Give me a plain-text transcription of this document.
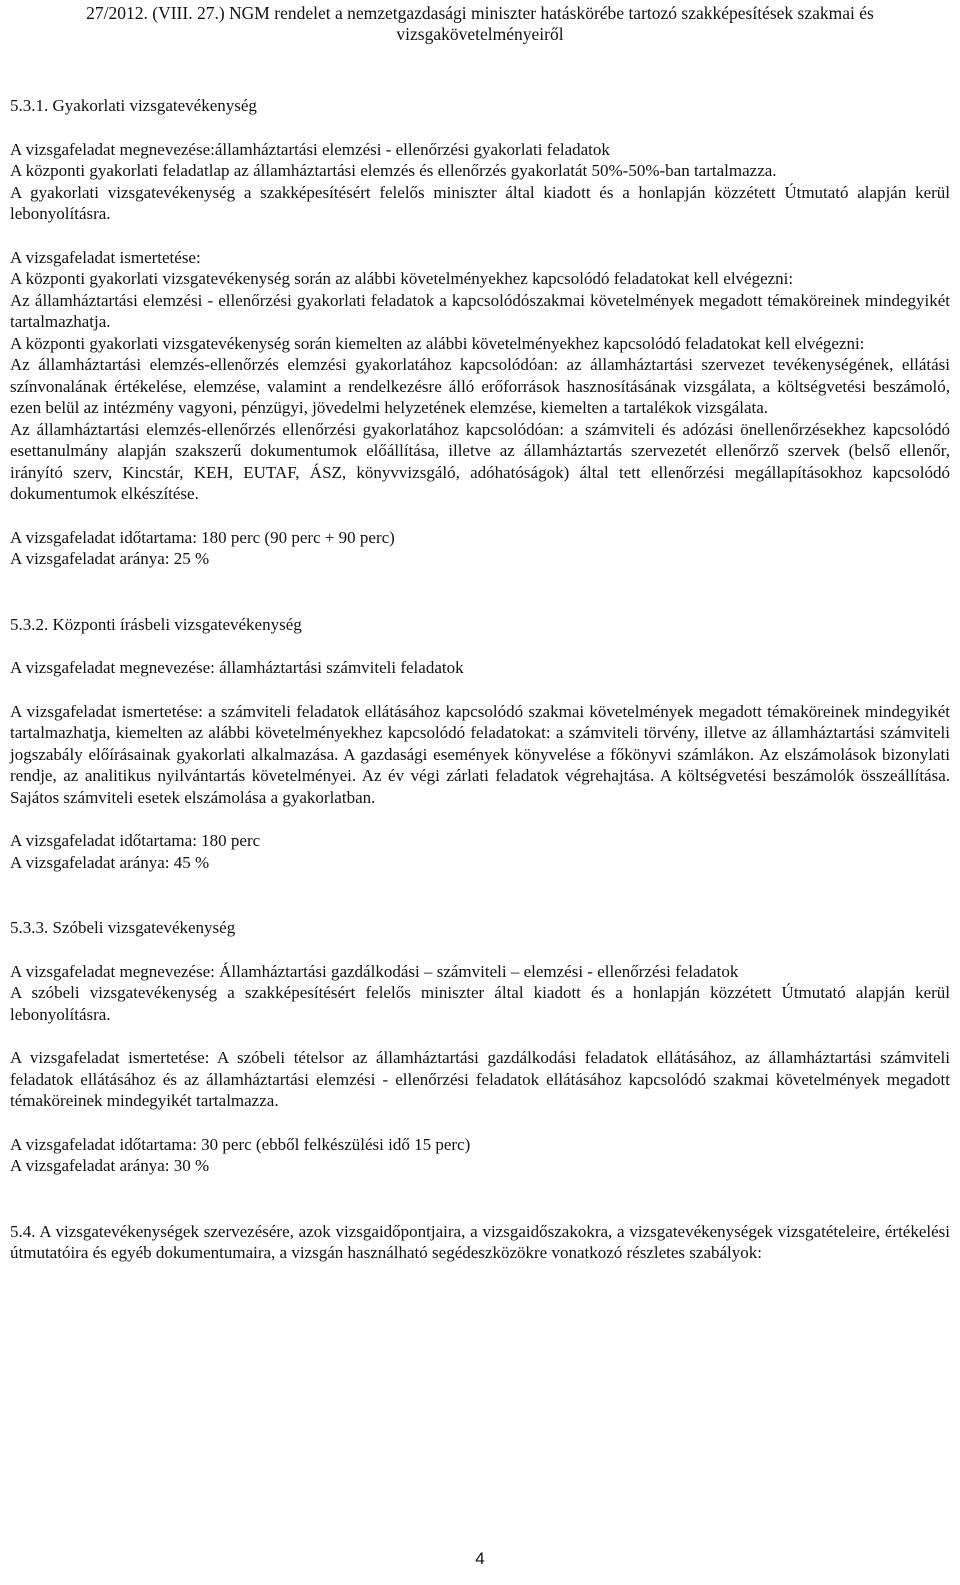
27/2012. (VIII. 27.) NGM rendelet a nemzetgazdasági miniszter hatáskörébe tartozó szakképesítések szakmai és
vizsgakövetelményeiről

5.3.1. Gyakorlati vizsgatevékenység

A vizsgafeladat megnevezése:államháztartási elemzési - ellenőrzési gyakorlati feladatok

A központi gyakorlati feladatlap az államháztartási elemzés és ellenőrzés gyakorlatát 50%-50%-ban tartalmazza.

A gyakorlati vizsgatevékenység a szakképesítésért felelős miniszter által kiadott és a honlapján közzétett Útmutató alapján kerül lebonyolításra.

A vizsgafeladat ismertetése:

A központi gyakorlati vizsgatevékenység során az alábbi követelményekhez kapcsolódó feladatokat kell elvégezni:

Az államháztartási elemzési - ellenőrzési gyakorlati feladatok a kapcsolódószakmai követelmények megadott témaköreinek mindegyikét tartalmazhatja.

A központi gyakorlati vizsgatevékenység során kiemelten az alábbi követelményekhez kapcsolódó feladatokat kell elvégezni:

Az államháztartási elemzés-ellenőrzés elemzési gyakorlatához kapcsolódóan: az államháztartási szervezet tevékenységének, ellátási színvonalának értékelése, elemzése, valamint a rendelkezésre álló erőforrások hasznosításának vizsgálata, a költségvetési beszámoló, ezen belül az intézmény vagyoni, pénzügyi, jövedelmi helyzetének elemzése, kiemelten a tartalékok vizsgálata.

Az államháztartási elemzés-ellenőrzés ellenőrzési gyakorlatához kapcsolódóan: a számviteli és adózási önellenőrzésekhez kapcsolódó esettanulmány alapján szakszerű dokumentumok előállítása, illetve az államháztartás szervezetét ellenőrző szervek (belső ellenőr, irányító szerv, Kincstár, KEH, EUTAF, ÁSZ, könyvvizsgáló, adóhatóságok) által tett ellenőrzési megállapításokhoz kapcsolódó dokumentumok elkészítése.

A vizsgafeladat időtartama: 180 perc (90 perc + 90 perc)

A vizsgafeladat aránya: 25 %

5.3.2. Központi írásbeli vizsgatevékenység

A vizsgafeladat megnevezése: államháztartási számviteli feladatok

A vizsgafeladat ismertetése: a számviteli feladatok ellátásához kapcsolódó szakmai követelmények megadott témaköreinek mindegyikét tartalmazhatja, kiemelten az alábbi követelményekhez kapcsolódó feladatokat: a számviteli törvény, illetve az államháztartási számviteli jogszabály előírásainak gyakorlati alkalmazása. A gazdasági események könyvelése a főkönyvi számlákon. Az elszámolások bizonylati rendje, az analitikus nyilvántartás követelményei. Az év végi zárlati feladatok végrehajtása. A költségvetési beszámolók összeállítása. Sajátos számviteli esetek elszámolása a gyakorlatban.

A vizsgafeladat időtartama: 180 perc

A vizsgafeladat aránya: 45 %

5.3.3. Szóbeli vizsgatevékenység

A vizsgafeladat megnevezése: Államháztartási gazdálkodási – számviteli – elemzési - ellenőrzési feladatok

A szóbeli vizsgatevékenység a szakképesítésért felelős miniszter által kiadott és a honlapján közzétett Útmutató alapján kerül lebonyolításra.

A vizsgafeladat ismertetése: A szóbeli tételsor az államháztartási gazdálkodási feladatok ellátásához, az államháztartási számviteli feladatok ellátásához és az államháztartási elemzési - ellenőrzési feladatok ellátásához kapcsolódó szakmai követelmények megadott témaköreinek mindegyikét tartalmazza.

A vizsgafeladat időtartama: 30 perc (ebből felkészülési idő 15 perc)

A vizsgafeladat aránya: 30 %

5.4. A vizsgatevékenységek szervezésére, azok vizsgaidőpontjaira, a vizsgaidőszakokra, a vizsgatevékenységek vizsgatételeire, értékelési útmutatóira és egyéb dokumentumaira, a vizsgán használható segédeszközökre vonatkozó részletes szabályok:

4
